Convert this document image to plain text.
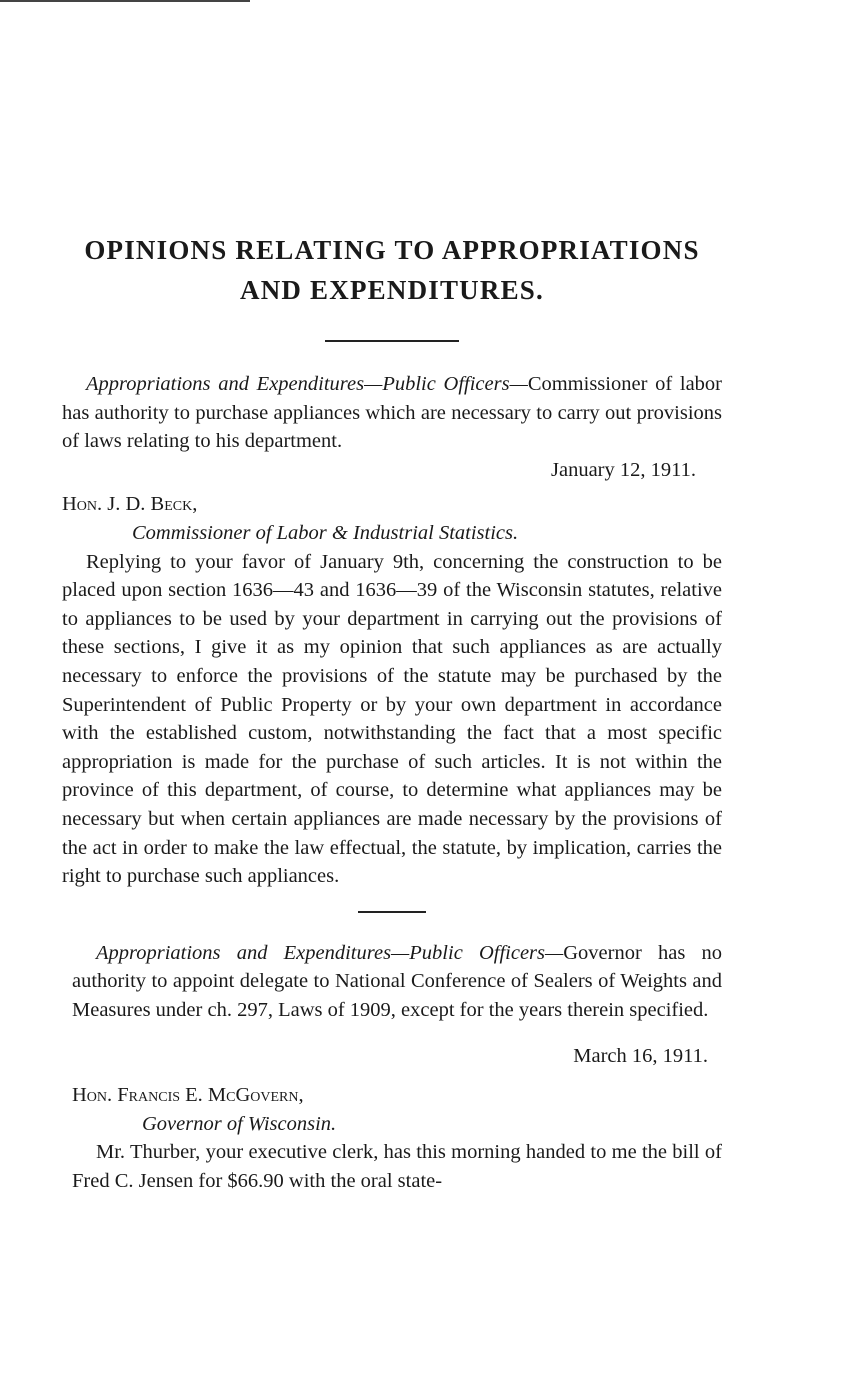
OPINIONS RELATING TO APPROPRIATIONS
AND EXPENDITURES.

Appropriations and Expenditures—Public Officers—Commissioner of labor has authority to purchase appliances which are necessary to carry out provisions of laws relating to his department.

January 12, 1911.

Hon. J. D. Beck,

Commissioner of Labor & Industrial Statistics.

Replying to your favor of January 9th, concerning the construction to be placed upon section 1636—43 and 1636—39 of the Wisconsin statutes, relative to appliances to be used by your department in carrying out the provisions of these sections, I give it as my opinion that such appliances as are actually necessary to enforce the provisions of the statute may be purchased by the Superintendent of Public Property or by your own department in accordance with the established custom, notwithstanding the fact that a most specific appropriation is made for the purchase of such articles. It is not within the province of this department, of course, to determine what appliances may be necessary but when certain appliances are made necessary by the provisions of the act in order to make the law effectual, the statute, by implication, carries the right to purchase such appliances.

Appropriations and Expenditures—Public Officers—Governor has no authority to appoint delegate to National Conference of Sealers of Weights and Measures under ch. 297, Laws of 1909, except for the years therein specified.

March 16, 1911.

Hon. Francis E. McGovern,

Governor of Wisconsin.

Mr. Thurber, your executive clerk, has this morning handed to me the bill of Fred C. Jensen for $66.90 with the oral state-
